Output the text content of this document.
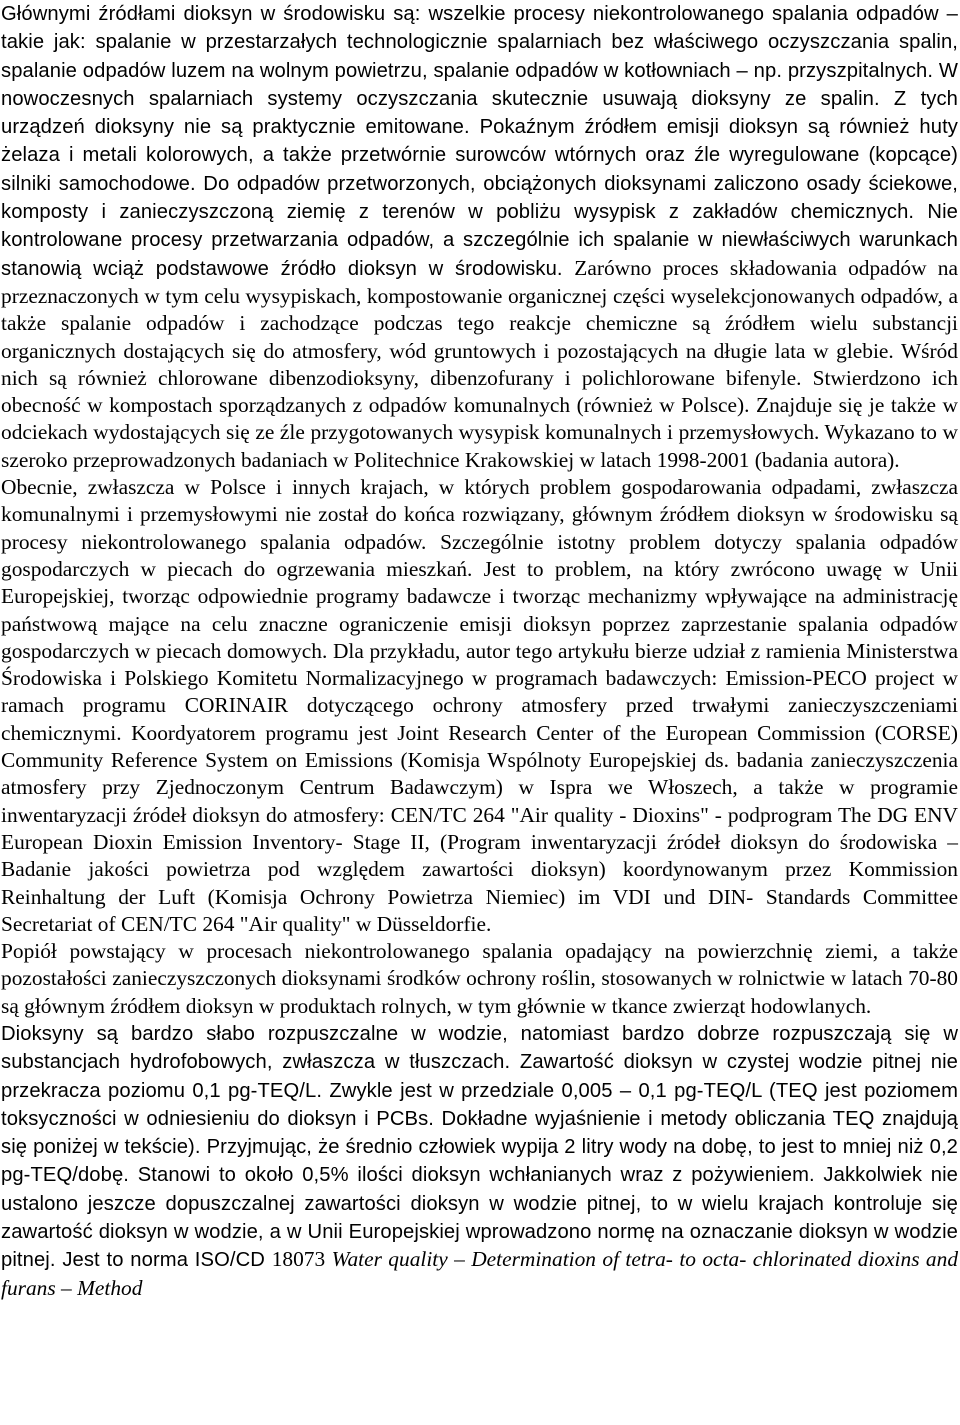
Głównymi źródłami dioksyn w środowisku są: wszelkie procesy niekontrolowanego spalania odpadów – takie jak: spalanie w przestarzałych technologicznie spalarniach bez właściwego oczyszczania spalin, spalanie odpadów luzem na wolnym powietrzu, spalanie odpadów w kotłowniach – np. przyszpitalnych. W nowoczesnych spalarniach systemy oczyszczania skutecznie usuwają dioksyny ze spalin. Z tych urządzeń dioksyny nie są praktycznie emitowane. Pokaźnym źródłem emisji dioksyn są również huty żelaza i metali kolorowych, a także przetwórnie surowców wtórnych oraz źle wyregulowane (kopcące) silniki samochodowe. Do odpadów przetworzonych, obciążonych dioksynami zaliczono osady ściekowe, komposty i zanieczyszczoną ziemię z terenów w pobliżu wysypisk z zakładów chemicznych. Nie kontrolowane procesy przetwarzania odpadów, a szczególnie ich spalanie w niewłaściwych warunkach stanowią wciąż podstawowe źródło dioksyn w środowisku. Zarówno proces składowania odpadów na przeznaczonych w tym celu wysypiskach, kompostowanie organicznej części wyselekcjonowanych odpadów, a także spalanie odpadów i zachodzące podczas tego reakcje chemiczne są źródłem wielu substancji organicznych dostających się do atmosfery, wód gruntowych i pozostających na długie lata w glebie. Wśród nich są również chlorowane dibenzodioksyny, dibenzofurany i polichlorowane bifenyle. Stwierdzono ich obecność w kompostach sporządzanych z odpadów komunalnych (również w Polsce). Znajduje się je także w odciekach wydostających się ze źle przygotowanych wysypisk komunalnych i przemysłowych. Wykazano to w szeroko przeprowadzonych badaniach w Politechnice Krakowskiej w latach 1998-2001 (badania autora).

Obecnie, zwłaszcza w Polsce i innych krajach, w których problem gospodarowania odpadami, zwłaszcza komunalnymi i przemysłowymi nie został do końca rozwiązany, głównym źródłem dioksyn w środowisku są procesy niekontrolowanego spalania odpadów. Szczególnie istotny problem dotyczy spalania odpadów gospodarczych w piecach do ogrzewania mieszkań. Jest to problem, na który zwrócono uwagę w Unii Europejskiej, tworząc odpowiednie programy badawcze i tworząc mechanizmy wpływające na administrację państwową mające na celu znaczne ograniczenie emisji dioksyn poprzez zaprzestanie spalania odpadów gospodarczych w piecach domowych. Dla przykładu, autor tego artykułu bierze udział z ramienia Ministerstwa Środowiska i Polskiego Komitetu Normalizacyjnego w programach badawczych: Emission-PECO project w ramach programu CORINAIR dotyczącego ochrony atmosfery przed trwałymi zanieczyszczeniami chemicznymi. Koordyatorem programu jest Joint Research Center of the European Commission (CORSE) Community Reference System on Emissions (Komisja Wspólnoty Europejskiej ds. badania zanieczyszczenia atmosfery przy Zjednoczonym Centrum Badawczym) w Ispra we Włoszech, a także w programie inwentaryzacji źródeł dioksyn do atmosfery: CEN/TC 264 "Air quality - Dioxins" - podprogram The DG ENV European Dioxin Emission Inventory- Stage II, (Program inwentaryzacji źródeł dioksyn do środowiska – Badanie jakości powietrza pod względem zawartości dioksyn) koordynowanym przez Kommission Reinhaltung der Luft (Komisja Ochrony Powietrza Niemiec) im VDI und DIN- Standards Committee Secretariat of CEN/TC 264 "Air quality" w Düsseldorfie.

Popiół powstający w procesach niekontrolowanego spalania opadający na powierzchnię ziemi, a także pozostałości zanieczyszczonych dioksynami środków ochrony roślin, stosowanych w rolnictwie w latach 70-80 są głównym źródłem dioksyn w produktach rolnych, w tym głównie w tkance zwierząt hodowlanych.

Dioksyny są bardzo słabo rozpuszczalne w wodzie, natomiast bardzo dobrze rozpuszczają się w substancjach hydrofobowych, zwłaszcza w tłuszczach. Zawartość dioksyn w czystej wodzie pitnej nie przekracza poziomu 0,1 pg-TEQ/L. Zwykle jest w przedziale 0,005 – 0,1 pg-TEQ/L (TEQ jest poziomem toksyczności w odniesieniu do dioksyn i PCBs. Dokładne wyjaśnienie i metody obliczania TEQ znajdują się poniżej w tekście). Przyjmując, że średnio człowiek wypija 2 litry wody na dobę, to jest to mniej niż 0,2 pg-TEQ/dobę. Stanowi to około 0,5% ilości dioksyn wchłanianych wraz z pożywieniem. Jakkolwiek nie ustalono jeszcze dopuszczalnej zawartości dioksyn w wodzie pitnej, to w wielu krajach kontroluje się zawartość dioksyn w wodzie, a w Unii Europejskiej wprowadzono normę na oznaczanie dioksyn w wodzie pitnej. Jest to norma ISO/CD 18073 Water quality – Determination of tetra- to octa- chlorinated dioxins and furans – Method
